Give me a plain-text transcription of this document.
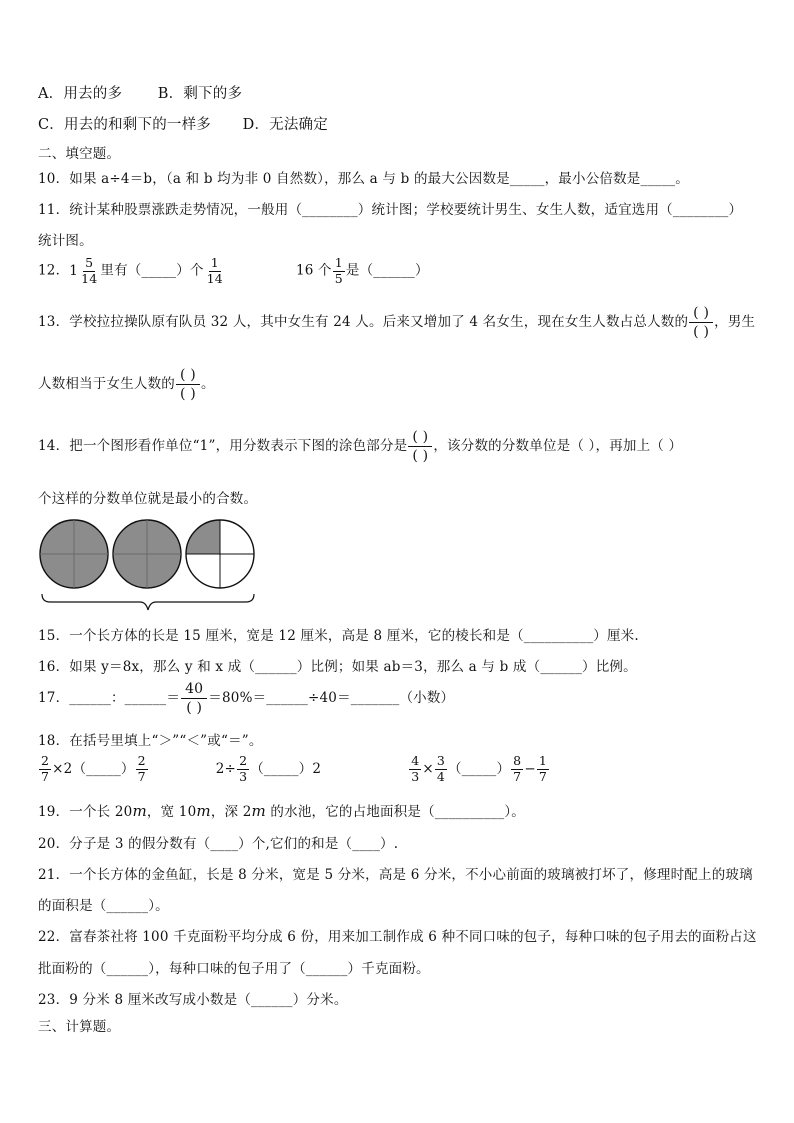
A．用去的多 B．剩下的多
C．用去的和剩下的一样多 D．无法确定
二、填空题。
10．如果 a÷4＝b，（a 和 b 均为非 0 自然数），那么 a 与 b 的最大公因数是_____，最小公倍数是_____。
11．统计某种股票涨跌走势情况，一般用（________）统计图；学校要统计男生、女生人数，适宜选用（________）
统计图。
12． $1 \frac{5}{14}$ 里有（_____）个 $\frac{1}{14}$	16 个 $\frac{1}{5}$ 是（______）
13．学校拉拉操队原有队员 32 人，其中女生有 24 人。后来又增加了 4 名女生，现在女生人数占总人数的 $\frac{( )}{( )}$ ，男生
人数相当于女生人数的 $\frac{( )}{( )}$ 。
14．把一个图形看作单位“1”，用分数表示下图的涂色部分是 $\frac{( )}{( )}$ ，该分数的分数单位是（ ），再加上（ ）
个这样的分数单位就是最小的合数。
15．一个长方体的长是 15 厘米，宽是 12 厘米，高是 8 厘米，它的棱长和是（__________）厘米.
16．如果 y＝8x，那么 y 和 x 成（______）比例；如果 ab＝3，那么 a 与 b 成（______）比例。
17．______：______＝ $\frac{40}{( )}$ ＝80%＝______÷40＝_______（小数）
18．在括号里填上“＞”“＜”或“＝”。
$\frac{2}{7}$ ×2（_____） $\frac{2}{7}$	$2\div \frac{2}{3}$ （_____）2	$\frac{4}{3} \times \frac{3}{4}$ （_____） $\frac{8}{7} - \frac{1}{7}$
19．一个长 20m，宽 10m，深 2m 的水池，它的占地面积是（__________）。
20．分子是 3 的假分数有（____）个,它们的和是（____）.
21．一个长方体的金鱼缸，长是 8 分米，宽是 5 分米，高是 6 分米，不小心前面的玻璃被打坏了，修理时配上的玻璃
的面积是（______）。
22．富春茶社将 100 千克面粉平均分成 6 份，用来加工制作成 6 种不同口味的包子，每种口味的包子用去的面粉占这
批面粉的（______），每种口味的包子用了（______）千克面粉。
23．9 分米 8 厘米改写成小数是（______）分米。
三、计算题。
